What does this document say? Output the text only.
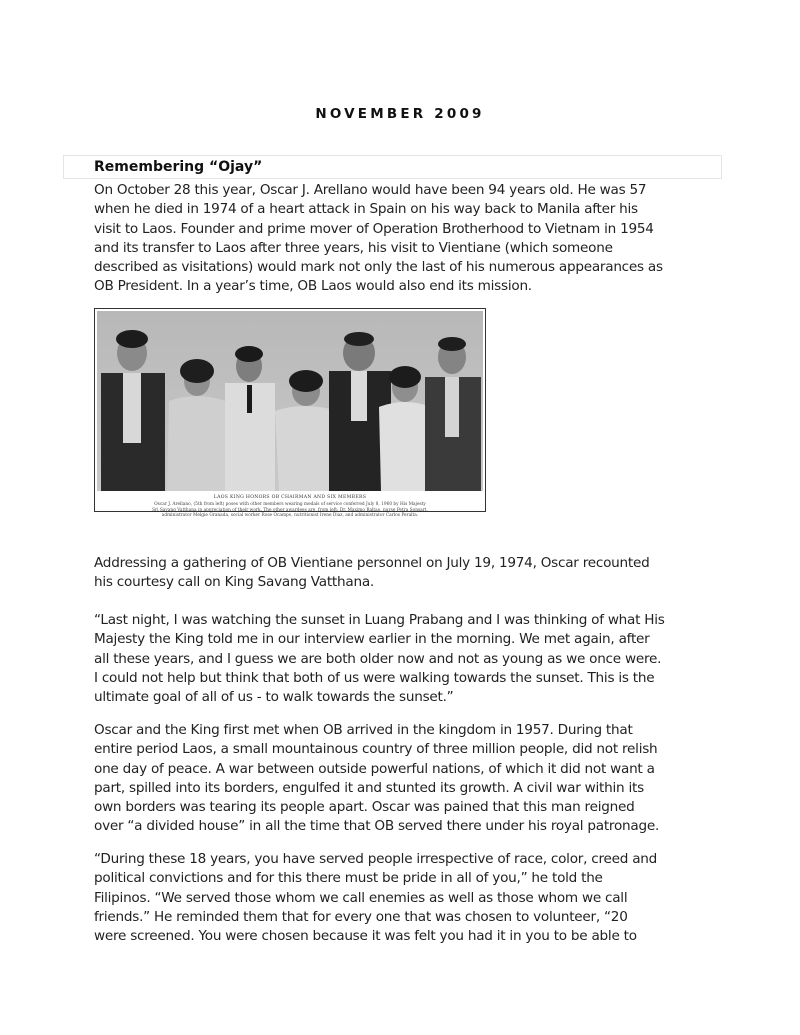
NOVEMBER 2009
Remembering “Ojay”
On October 28 this year, Oscar J. Arellano would have been 94 years old. He was 57
when he died in 1974 of a heart attack in Spain on his way back to Manila after his
visit to Laos. Founder and prime mover of Operation Brotherhood to Vietnam in 1954
and its transfer to Laos after three years, his visit to Vientiane (which someone
described as visitations) would mark not only the last of his numerous appearances as
OB President. In a year’s time, OB Laos would also end its mission.
LAOS KING HONORS OB CHAIRMAN AND SIX MEMBERS
Oscar J. Arellano, (5th from left) poses with other members wearing medals of service conferred July 8, 1960 by His Majesty
Sri Savang Vatthana in appreciation of their work. The other awardees are, from left: Dr. Maximo Baltao, nurse Petra Sonsart,
administrator Melgie Granada, social worker Rose Ocampo, nutritionist Irene Diaz, and administrator Carlos Peralta.
Addressing a gathering of OB Vientiane personnel on July 19, 1974, Oscar recounted
his courtesy call on King Savang Vatthana.
“Last night, I was watching the sunset in Luang Prabang and I was thinking of what His
Majesty the King told me in our interview earlier in the morning. We met again, after
all these years, and I guess we are both older now and not as young as we once were.
I could not help but think that both of us were walking towards the sunset. This is the
ultimate goal of all of us - to walk towards the sunset.”
Oscar and the King first met when OB arrived in the kingdom in 1957. During that
entire period Laos, a small mountainous country of three million people, did not relish
one day of peace. A war between outside powerful nations, of which it did not want a
part, spilled into its borders, engulfed it and stunted its growth. A civil war within its
own borders was tearing its people apart. Oscar was pained that this man reigned
over “a divided house” in all the time that OB served there under his royal patronage.
“During these 18 years, you have served people irrespective of race, color, creed and
political convictions and for this there must be pride in all of you,” he told the
Filipinos. “We served those whom we call enemies as well as those whom we call
friends.” He reminded them that for every one that was chosen to volunteer, “20
were screened. You were chosen because it was felt you had it in you to be able to
